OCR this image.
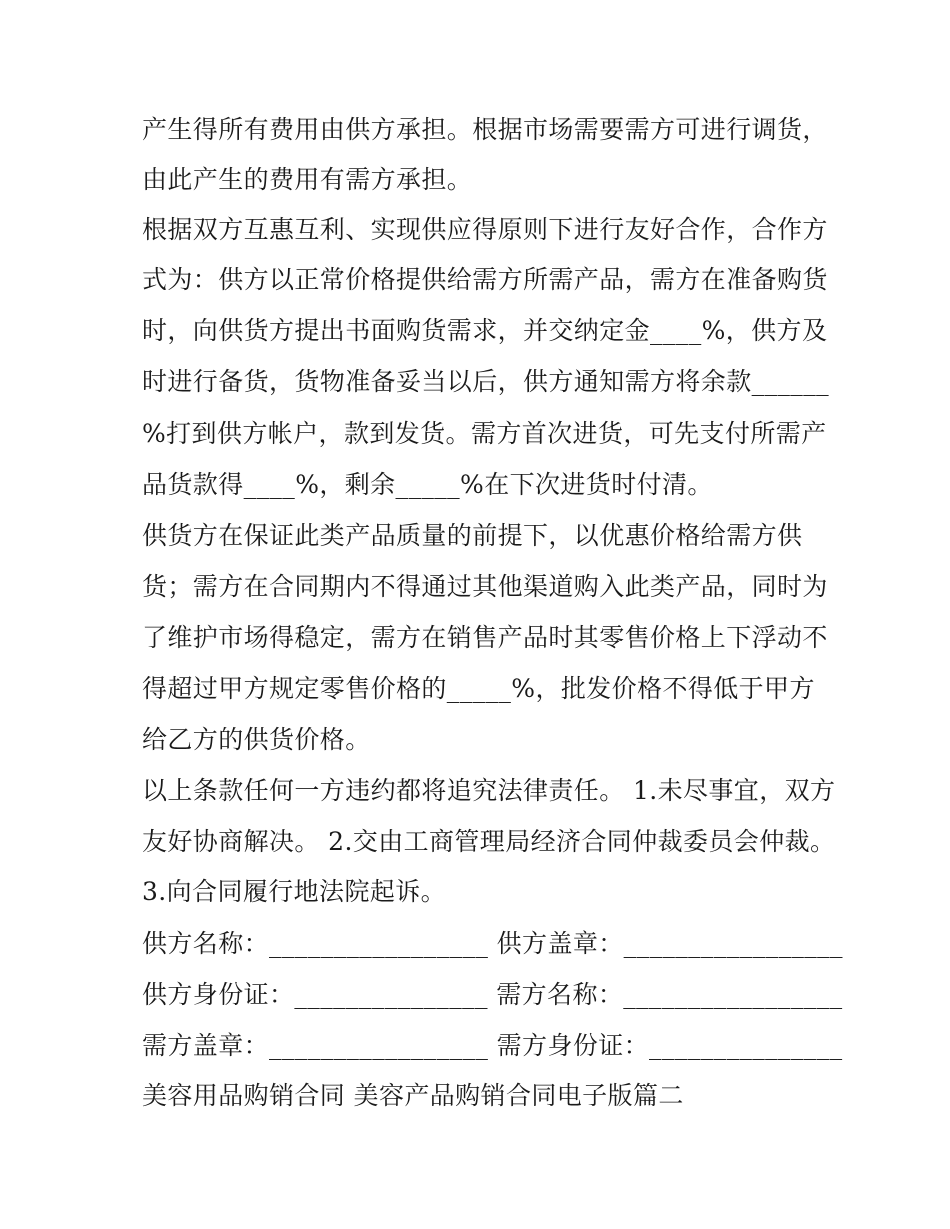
产生得所有费用由供方承担。根据市场需要需方可进行调货，
由此产生的费用有需方承担。
根据双方互惠互利、实现供应得原则下进行友好合作，合作方
式为：供方以正常价格提供给需方所需产品，需方在准备购货
时，向供货方提出书面购货需求，并交纳定金____%，供方及
时进行备货，货物准备妥当以后，供方通知需方将余款______
%打到供方帐户，款到发货。需方首次进货，可先支付所需产
品货款得____%，剩余_____%在下次进货时付清。
供货方在保证此类产品质量的前提下，以优惠价格给需方供
货；需方在合同期内不得通过其他渠道购入此类产品，同时为
了维护市场得稳定，需方在销售产品时其零售价格上下浮动不
得超过甲方规定零售价格的_____%，批发价格不得低于甲方
给乙方的供货价格。
以上条款任何一方违约都将追究法律责任。 1.未尽事宜，双方
友好协商解决。 2.交由工商管理局经济合同仲裁委员会仲裁。
3.向合同履行地法院起诉。
供方名称：_________________ 供方盖章：_________________
供方身份证：_______________ 需方名称：_________________
需方盖章：_________________ 需方身份证：_______________
美容用品购销合同 美容产品购销合同电子版篇二
